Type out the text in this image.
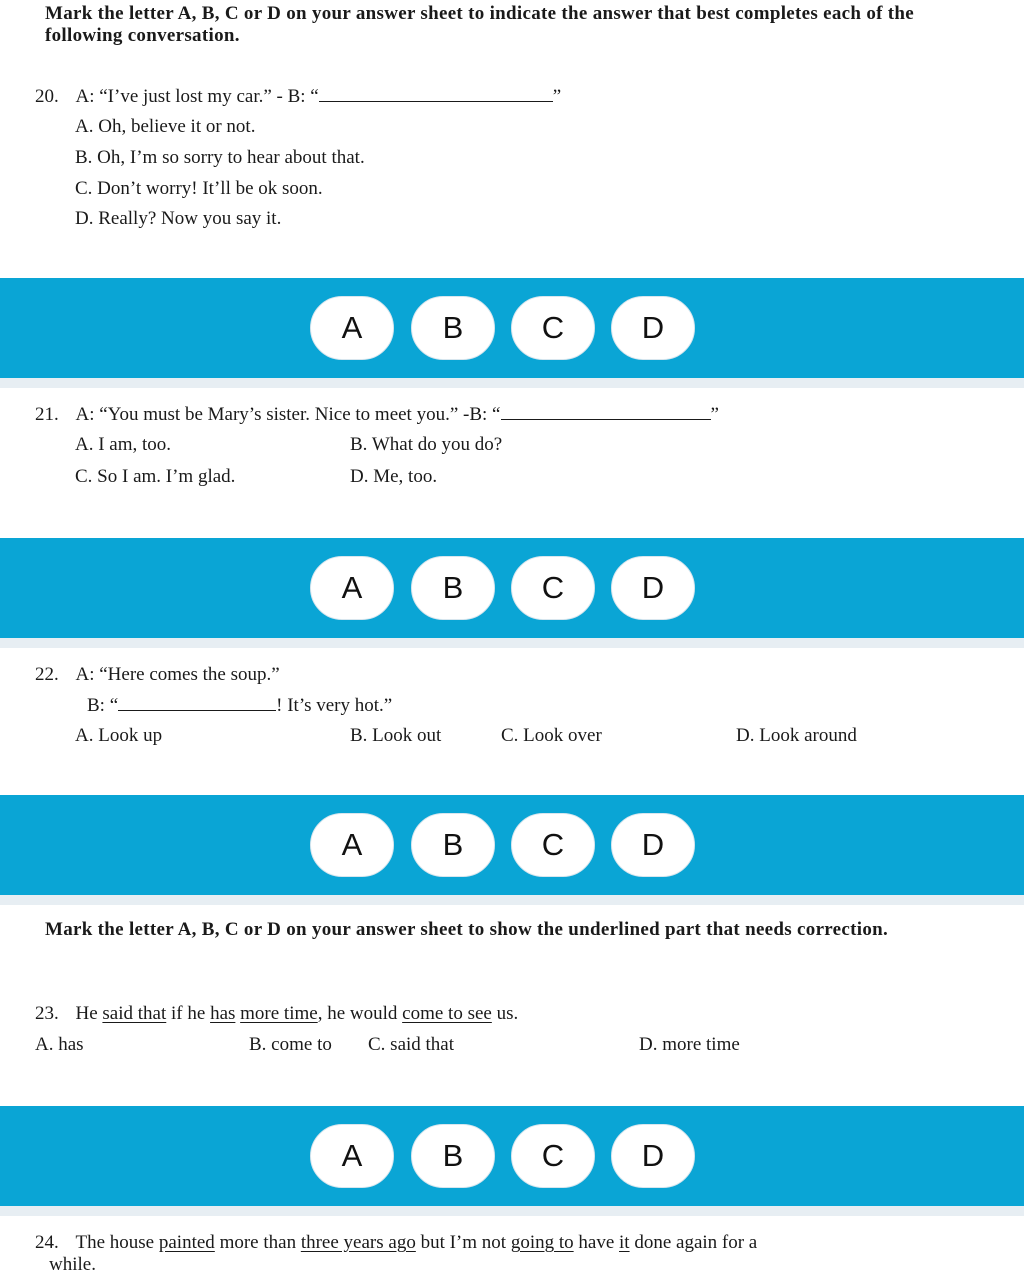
Mark the letter A, B, C or D on your answer sheet to indicate the answer that best completes each of the following conversation.
20. A: “I’ve just lost my car.” - B: “	”
A. Oh, believe it or not.
B. Oh, I’m so sorry to hear about that.
C. Don’t worry! It’ll be ok soon.
D. Really? Now you say it.
A	B	C	D
21. A: “You must be Mary’s sister. Nice to meet you.” -B: “	”
A. I am, too.	B. What do you do?
C. So I am. I’m glad.	D. Me, too.
A	B	C	D
22. A: “Here comes the soup.”
B: “	! It’s very hot.”
A. Look up	B. Look out	C. Look over	D. Look around
A	B	C	D
Mark the letter A, B, C or D on your answer sheet to show the underlined part that needs correction.
23. He said that if he has more time, he would come to see us.
A. has	B. come to C. said that	D. more time
A	B	C	D
24. The house painted more than three years ago but I’m not going to have it done again for a
while.
